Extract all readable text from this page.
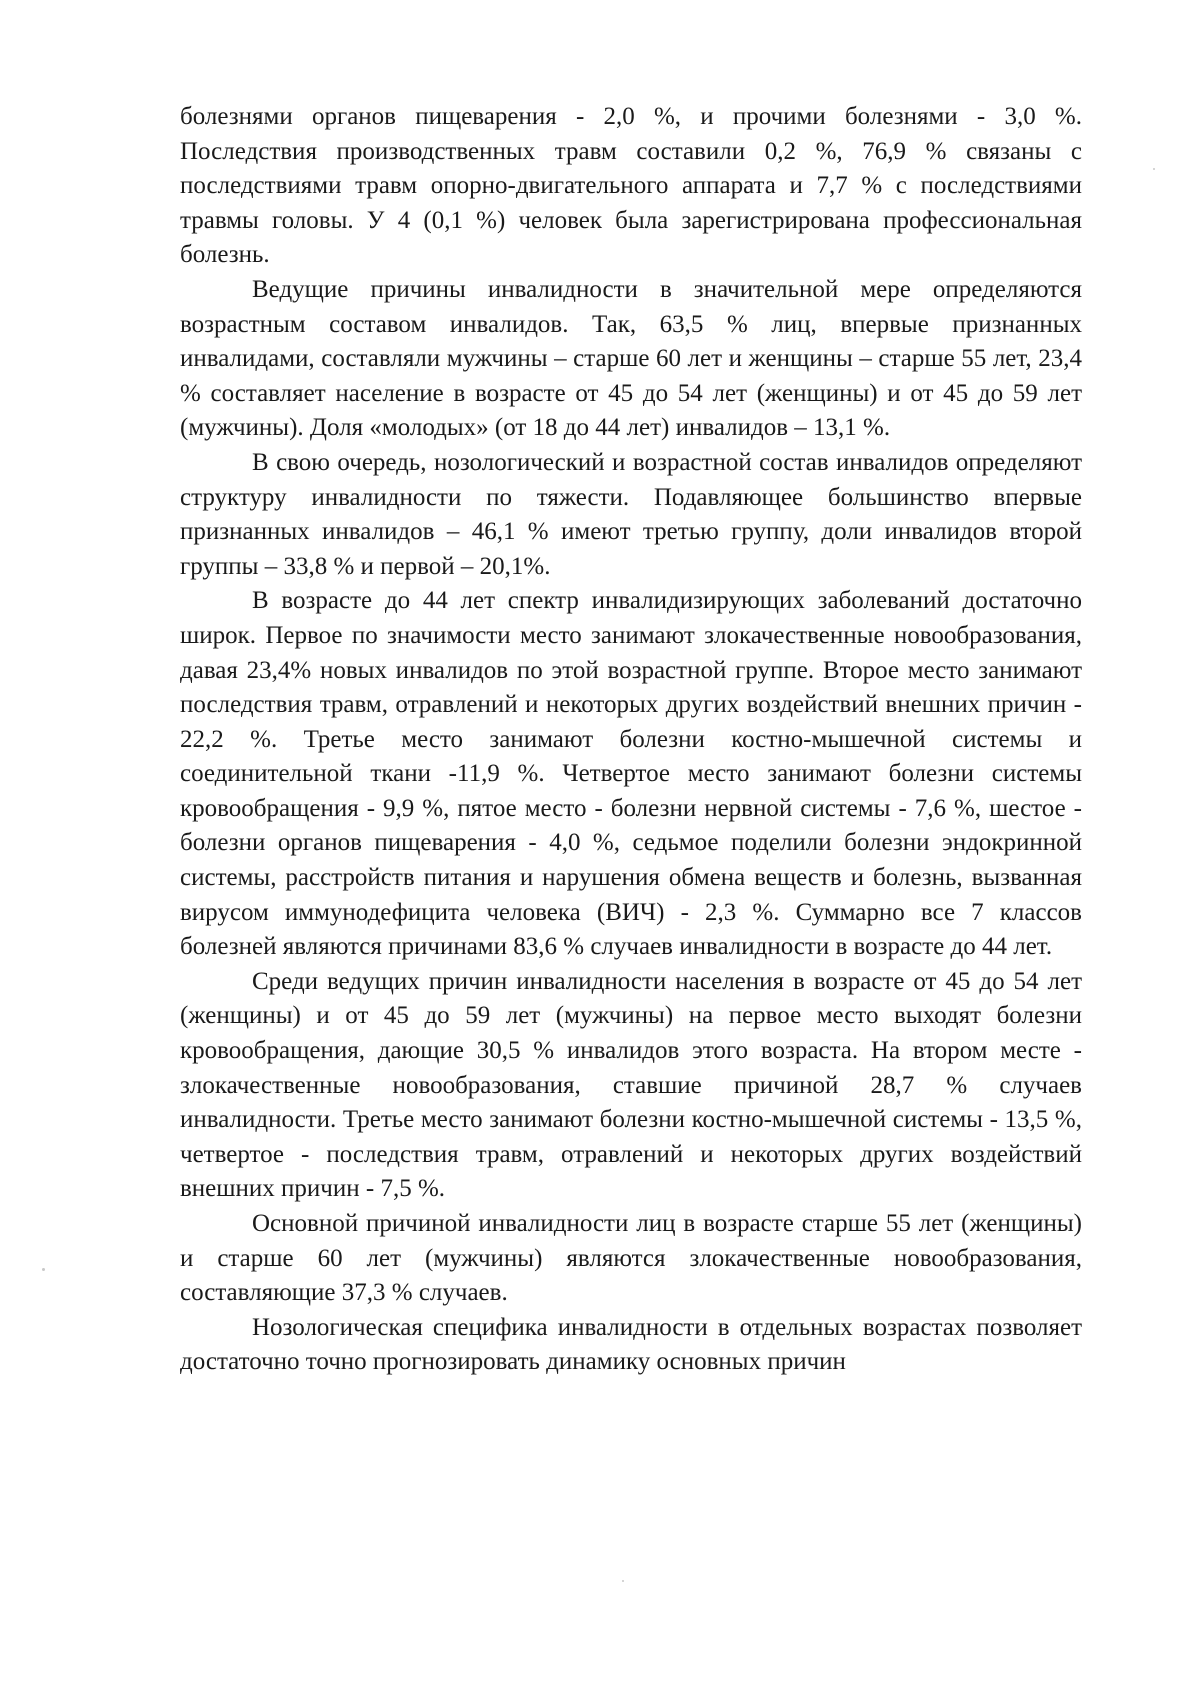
болезнями органов пищеварения - 2,0 %, и прочими болезнями - 3,0 %. Последствия производственных травм составили 0,2 %, 76,9 % связаны с последствиями травм опорно-двигательного аппарата и 7,7 % с последствиями травмы головы. У 4 (0,1 %) человек была зарегистрирована профессиональная болезнь.

Ведущие причины инвалидности в значительной мере определяются возрастным составом инвалидов. Так, 63,5 % лиц, впервые признанных инвалидами, составляли мужчины – старше 60 лет и женщины – старше 55 лет, 23,4 % составляет население в возрасте от 45 до 54 лет (женщины) и от 45 до 59 лет (мужчины). Доля «молодых» (от 18 до 44 лет) инвалидов – 13,1 %.

В свою очередь, нозологический и возрастной состав инвалидов определяют структуру инвалидности по тяжести. Подавляющее большинство впервые признанных инвалидов – 46,1 % имеют третью группу, доли инвалидов второй группы – 33,8 % и первой – 20,1%.

В возрасте до 44 лет спектр инвалидизирующих заболеваний достаточно широк. Первое по значимости место занимают злокачественные новообразования, давая 23,4% новых инвалидов по этой возрастной группе. Второе место занимают последствия травм, отравлений и некоторых других воздействий внешних причин - 22,2 %. Третье место занимают болезни костно-мышечной системы и соединительной ткани -11,9 %. Четвертое место занимают болезни системы кровообращения - 9,9 %, пятое место - болезни нервной системы - 7,6 %, шестое - болезни органов пищеварения - 4,0 %, седьмое поделили болезни эндокринной системы, расстройств питания и нарушения обмена веществ и болезнь, вызванная вирусом иммунодефицита человека (ВИЧ) - 2,3 %. Суммарно все 7 классов болезней являются причинами 83,6 % случаев инвалидности в возрасте до 44 лет.

Среди ведущих причин инвалидности населения в возрасте от 45 до 54 лет (женщины) и от 45 до 59 лет (мужчины) на первое место выходят болезни кровообращения, дающие 30,5 % инвалидов этого возраста. На втором месте - злокачественные новообразования, ставшие причиной 28,7 % случаев инвалидности. Третье место занимают болезни костно-мышечной системы - 13,5 %, четвертое - последствия травм, отравлений и некоторых других воздействий внешних причин - 7,5 %.

Основной причиной инвалидности лиц в возрасте старше 55 лет (женщины) и старше 60 лет (мужчины) являются злокачественные новообразования, составляющие 37,3 % случаев.

Нозологическая специфика инвалидности в отдельных возрастах позволяет достаточно точно прогнозировать динамику основных причин
